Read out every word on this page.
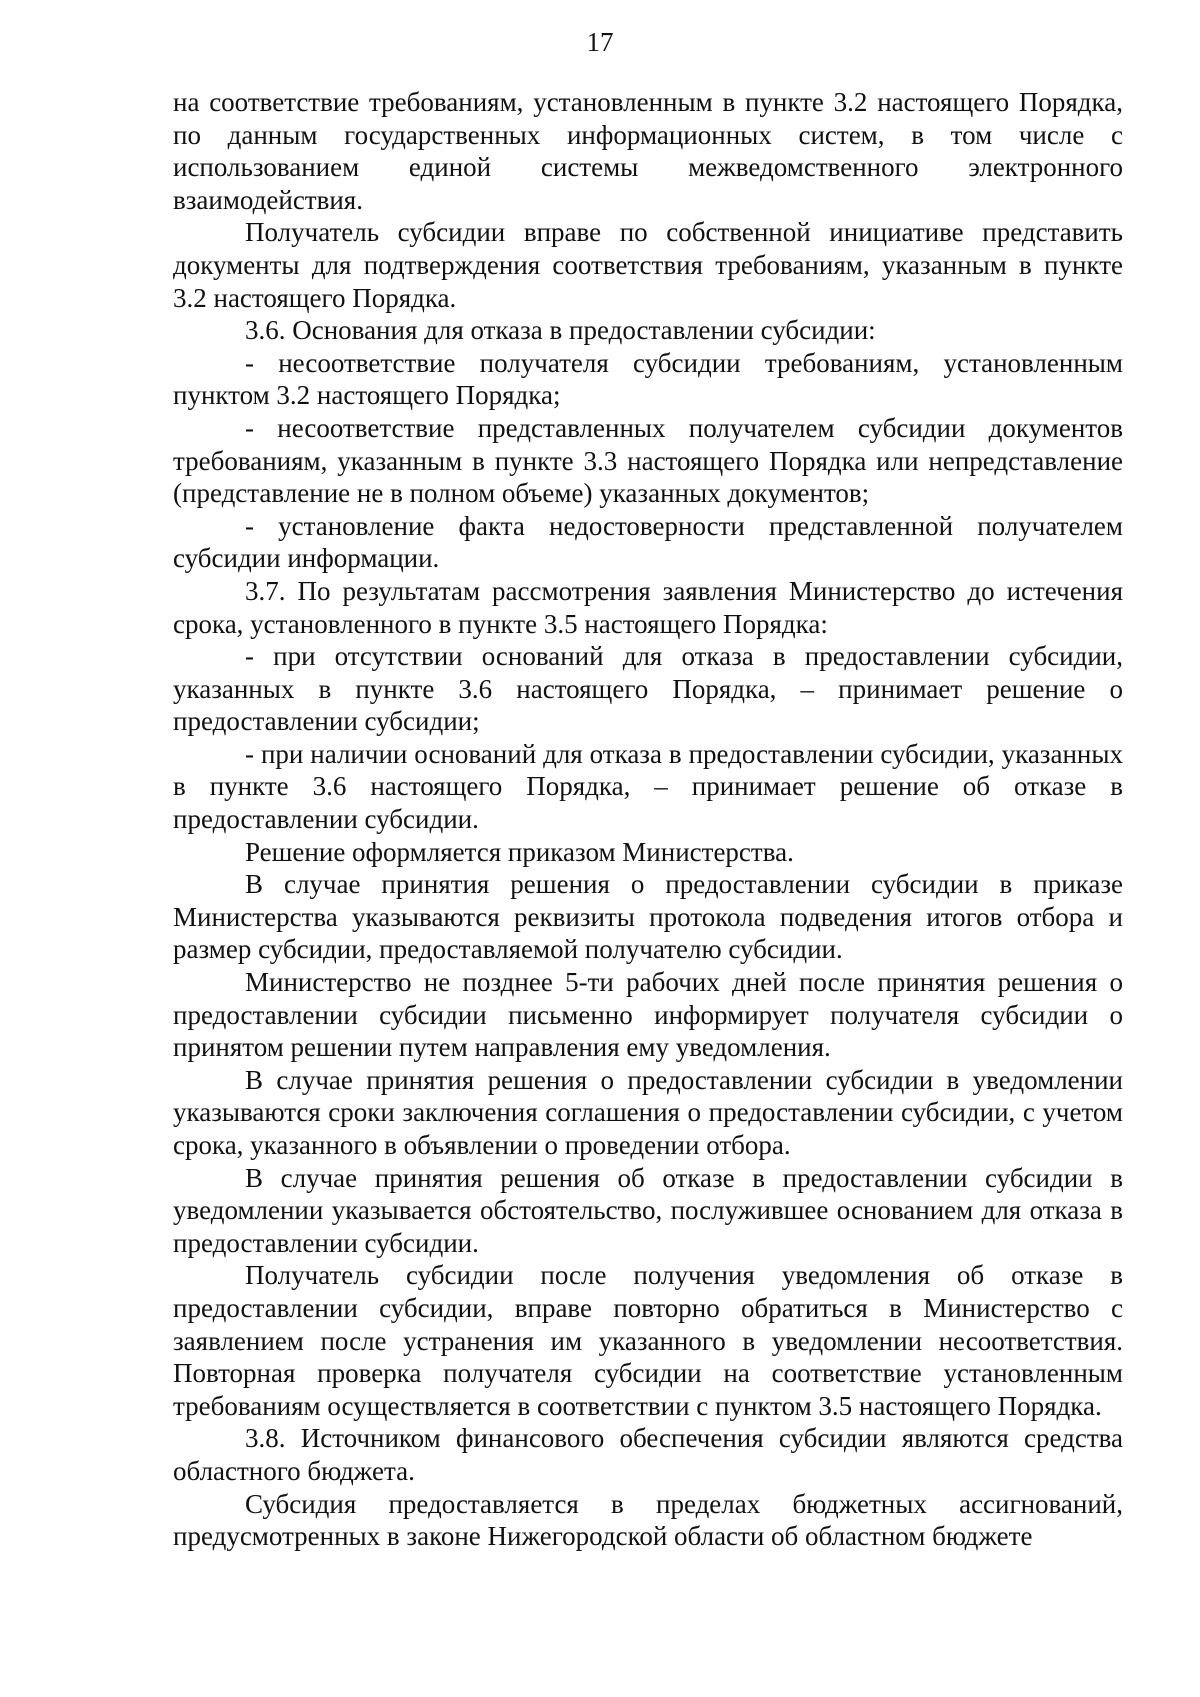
17

на соответствие требованиям, установленным в пункте 3.2 настоящего Порядка, по данным государственных информационных систем, в том числе с использованием единой системы межведомственного электронного взаимодействия.

Получатель субсидии вправе по собственной инициативе представить документы для подтверждения соответствия требованиям, указанным в пункте 3.2 настоящего Порядка.

3.6. Основания для отказа в предоставлении субсидии:

- несоответствие получателя субсидии требованиям, установленным пунктом 3.2 настоящего Порядка;

- несоответствие представленных получателем субсидии документов требованиям, указанным в пункте 3.3 настоящего Порядка или непредставление (представление не в полном объеме) указанных документов;

- установление факта недостоверности представленной получателем субсидии информации.

3.7. По результатам рассмотрения заявления Министерство до истечения срока, установленного в пункте 3.5 настоящего Порядка:

- при отсутствии оснований для отказа в предоставлении субсидии, указанных в пункте 3.6 настоящего Порядка, – принимает решение о предоставлении субсидии;

- при наличии оснований для отказа в предоставлении субсидии, указанных в пункте 3.6 настоящего Порядка, – принимает решение об отказе в предоставлении субсидии.

Решение оформляется приказом Министерства.

В случае принятия решения о предоставлении субсидии в приказе Министерства указываются реквизиты протокола подведения итогов отбора и размер субсидии, предоставляемой получателю субсидии.

Министерство не позднее 5-ти рабочих дней после принятия решения о предоставлении субсидии письменно информирует получателя субсидии о принятом решении путем направления ему уведомления.

В случае принятия решения о предоставлении субсидии в уведомлении указываются сроки заключения соглашения о предоставлении субсидии, с учетом срока, указанного в объявлении о проведении отбора.

В случае принятия решения об отказе в предоставлении субсидии в уведомлении указывается обстоятельство, послужившее основанием для отказа в предоставлении субсидии.

Получатель субсидии после получения уведомления об отказе в предоставлении субсидии, вправе повторно обратиться в Министерство с заявлением после устранения им указанного в уведомлении несоответствия. Повторная проверка получателя субсидии на соответствие установленным требованиям осуществляется в соответствии с пунктом 3.5 настоящего Порядка.

3.8. Источником финансового обеспечения субсидии являются средства областного бюджета.

Субсидия предоставляется в пределах бюджетных ассигнований, предусмотренных в законе Нижегородской области об областном бюджете
